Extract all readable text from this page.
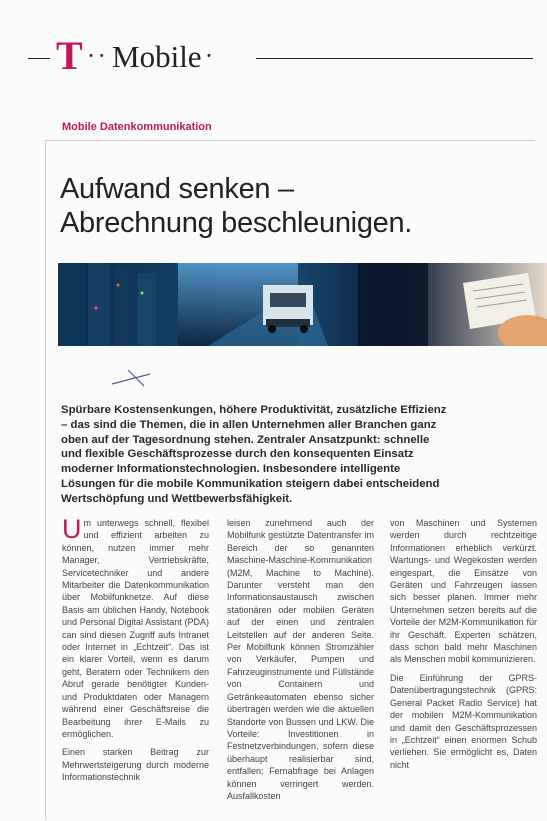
T ·· Mobile ·
Mobile Datenkommunikation
Aufwand senken –
Abrechnung beschleunigen.
Spürbare Kostensenkungen, höhere Produktivität, zusätzliche Effizienz – das sind die Themen, die in allen Unternehmen aller Branchen ganz oben auf der Tagesordnung stehen. Zentraler Ansatzpunkt: schnelle und flexible Geschäftsprozesse durch den konsequenten Einsatz moderner Informationstechnologien. Insbesondere intelligente Lösungen für die mobile Kommunikation steigern dabei entscheidend Wertschöpfung und Wettbewerbsfähigkeit.

Um unterwegs schnell, flexibel und effizient arbeiten zu können, nutzen immer mehr Manager, Vertriebskräfte, Servicetechniker und andere Mitarbeiter die Datenkommunikation über Mobilfunknetze. Auf diese Basis am üblichen Handy, Notebook und Personal Digital Assistant (PDA) can sind diesen Zugriff aufs Intranet oder Internet in „Echtzeit“. Das ist ein klarer Vorteil, wenn es darum geht, Beratern oder Technikern den Abruf gerade benötigter Kunden- und Produktdaten oder Managern während einer Geschäftsreise die Bearbeitung ihrer E-Mails zu ermöglichen.

Einen starken Beitrag zur Mehrwertsteigerung durch moderne Informationstechnik

leisen zunehmend auch der Mobilfunk gestützte Datentransfer im Bereich der so genannten Maschine-Maschine-Kommunikation (M2M, Machine to Machine). Darunter versteht man den Informationsaustausch zwischen stationären oder mobilen Geräten auf der einen und zentralen Leitstellen auf der anderen Seite. Per Mobilfunk können Stromzähler von Verkäufer, Pumpen und Fahrzeuginstrumente und Füllstände von Containern und Getränkeautomaten ebenso sicher übertragen werden wie die aktuellen Standorte von Bussen und LKW. Die Vorteile: Investitionen in Festnetzverbindungen, sofern diese überhaupt realisierbar sind, entfallen; Fernabfrage bei Anlagen können verringert werden. Ausfallkosten

von Maschinen und Systemen werden durch rechtzeitige Informationen erheblich verkürzt. Wartungs- und Wegekosten werden eingespart, die Einsätze von Geräten und Fahrzeugen lassen sich besser planen. Immer mehr Unternehmen setzen bereits auf die Vorteile der M2M-Kommunikation für ihr Geschäft. Experten schätzen, dass schon bald mehr Maschinen als Menschen mobil kommunizieren.

Die Einführung der GPRS-Datenübertragungstechnik (GPRS: General Packet Radio Service) hat der mobilen M2M-Kommunikation und damit den Geschäftsprozessen in „Echtzeit“ einen enormen Schub verliehen. Sie ermöglicht es, Daten nicht
